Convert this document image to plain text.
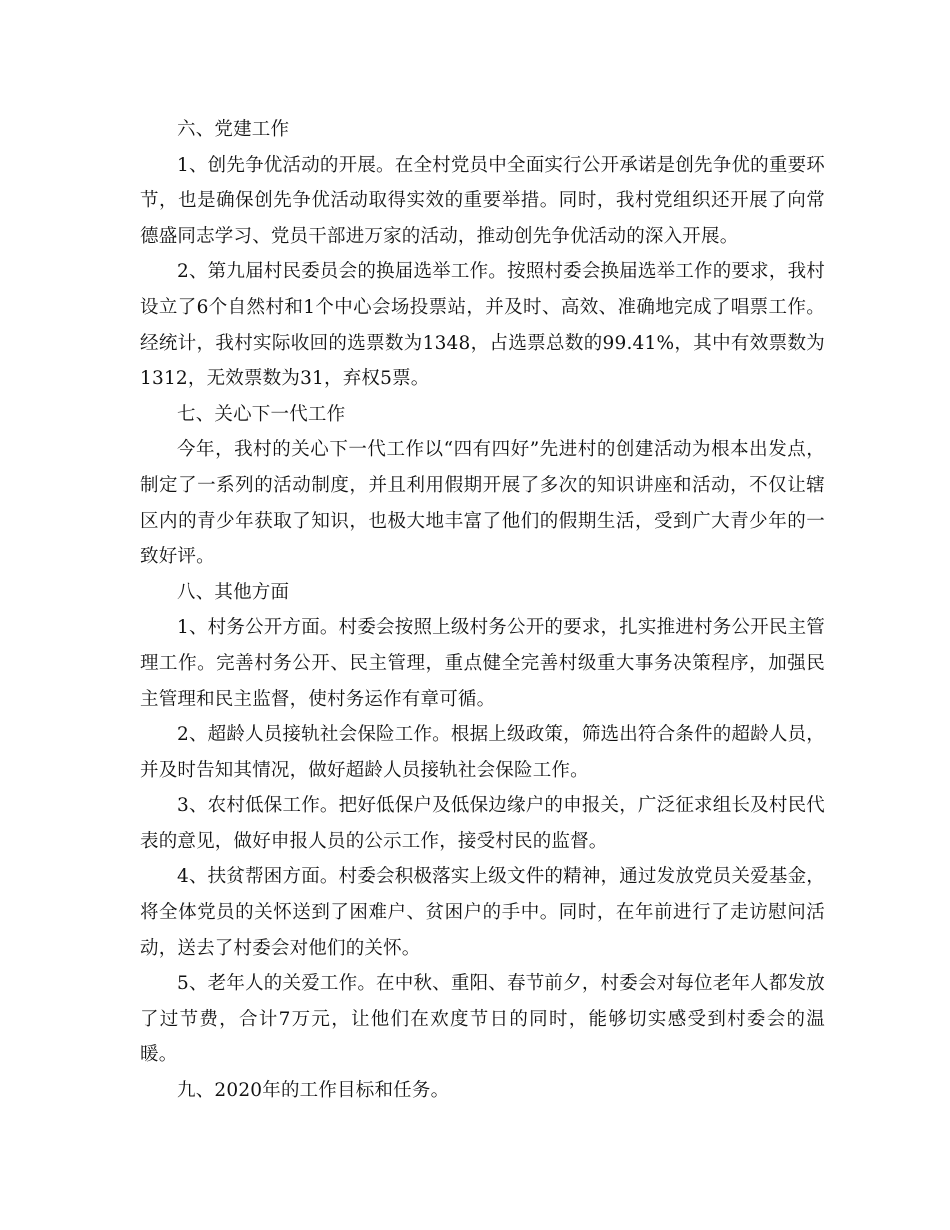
六、党建工作

1、创先争优活动的开展。在全村党员中全面实行公开承诺是创先争优的重要环节，也是确保创先争优活动取得实效的重要举措。同时，我村党组织还开展了向常德盛同志学习、党员干部进万家的活动，推动创先争优活动的深入开展。

2、第九届村民委员会的换届选举工作。按照村委会换届选举工作的要求，我村设立了6个自然村和1个中心会场投票站，并及时、高效、准确地完成了唱票工作。经统计，我村实际收回的选票数为1348，占选票总数的99.41%，其中有效票数为1312，无效票数为31，弃权5票。

七、关心下一代工作

今年，我村的关心下一代工作以“四有四好”先进村的创建活动为根本出发点，制定了一系列的活动制度，并且利用假期开展了多次的知识讲座和活动，不仅让辖区内的青少年获取了知识，也极大地丰富了他们的假期生活，受到广大青少年的一致好评。

八、其他方面

1、村务公开方面。村委会按照上级村务公开的要求，扎实推进村务公开民主管理工作。完善村务公开、民主管理，重点健全完善村级重大事务决策程序，加强民主管理和民主监督，使村务运作有章可循。

2、超龄人员接轨社会保险工作。根据上级政策，筛选出符合条件的超龄人员，并及时告知其情况，做好超龄人员接轨社会保险工作。

3、农村低保工作。把好低保户及低保边缘户的申报关，广泛征求组长及村民代表的意见，做好申报人员的公示工作，接受村民的监督。

4、扶贫帮困方面。村委会积极落实上级文件的精神，通过发放党员关爱基金，将全体党员的关怀送到了困难户、贫困户的手中。同时，在年前进行了走访慰问活动，送去了村委会对他们的关怀。

5、老年人的关爱工作。在中秋、重阳、春节前夕，村委会对每位老年人都发放了过节费，合计7万元，让他们在欢度节日的同时，能够切实感受到村委会的温暖。

九、2020年的工作目标和任务。
